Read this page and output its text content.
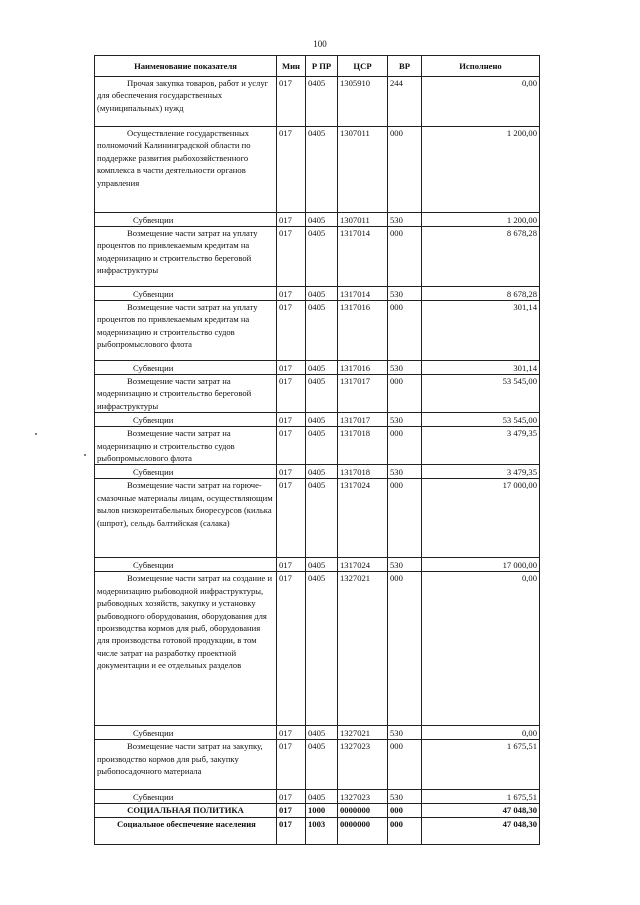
100
Наименование показателя	Мин	Р ПР	ЦСР	ВР	Исполнено
Прочая закупка товаров, работ и услуг для обеспечения государственных (муниципальных) нужд	017	0405	1305910	244	0,00
Осуществление государственных полномочий Калининградской области по поддержке развития рыбохозяйственного комплекса в части деятельности органов управления	017	0405	1307011	000	1 200,00
Субвенции	017	0405	1307011	530	1 200,00
Возмещение части затрат на уплату процентов по привлекаемым кредитам на модернизацию и строительство береговой инфраструктуры	017	0405	1317014	000	8 678,28
Субвенции	017	0405	1317014	530	8 678,28
Возмещение части затрат на уплату процентов по привлекаемым кредитам на модернизацию и строительство судов рыбопромыслового флота	017	0405	1317016	000	301,14
Субвенции	017	0405	1317016	530	301,14
Возмещение части затрат на модернизацию и строительство береговой инфраструктуры	017	0405	1317017	000	53 545,00
Субвенции	017	0405	1317017	530	53 545,00
Возмещение части затрат на модернизацию и строительство судов рыбопромыслового флота	017	0405	1317018	000	3 479,35
Субвенции	017	0405	1317018	530	3 479,35
Возмещение части затрат на горюче-смазочные материалы лицам, осуществляющим вылов низкорентабельных биоресурсов (килька (шпрот), сельдь балтийская (салака)	017	0405	1317024	000	17 000,00
Субвенции	017	0405	1317024	530	17 000,00
Возмещение части затрат на создание и модернизацию рыбоводной инфраструктуры, рыбоводных хозяйств, закупку и установку рыбоводного оборудования, оборудования для производства кормов для рыб, оборудования для производства готовой продукции, в том числе затрат на разработку проектной документации и ее отдельных разделов	017	0405	1327021	000	0,00
Субвенции	017	0405	1327021	530	0,00
Возмещение части затрат на закупку, производство кормов для рыб, закупку рыбопосадочного материала	017	0405	1327023	000	1 675,51
Субвенции	017	0405	1327023	530	1 675,51
СОЦИАЛЬНАЯ ПОЛИТИКА	017	1000	0000000	000	47 048,30
Социальное обеспечение населения	017	1003	0000000	000	47 048,30
